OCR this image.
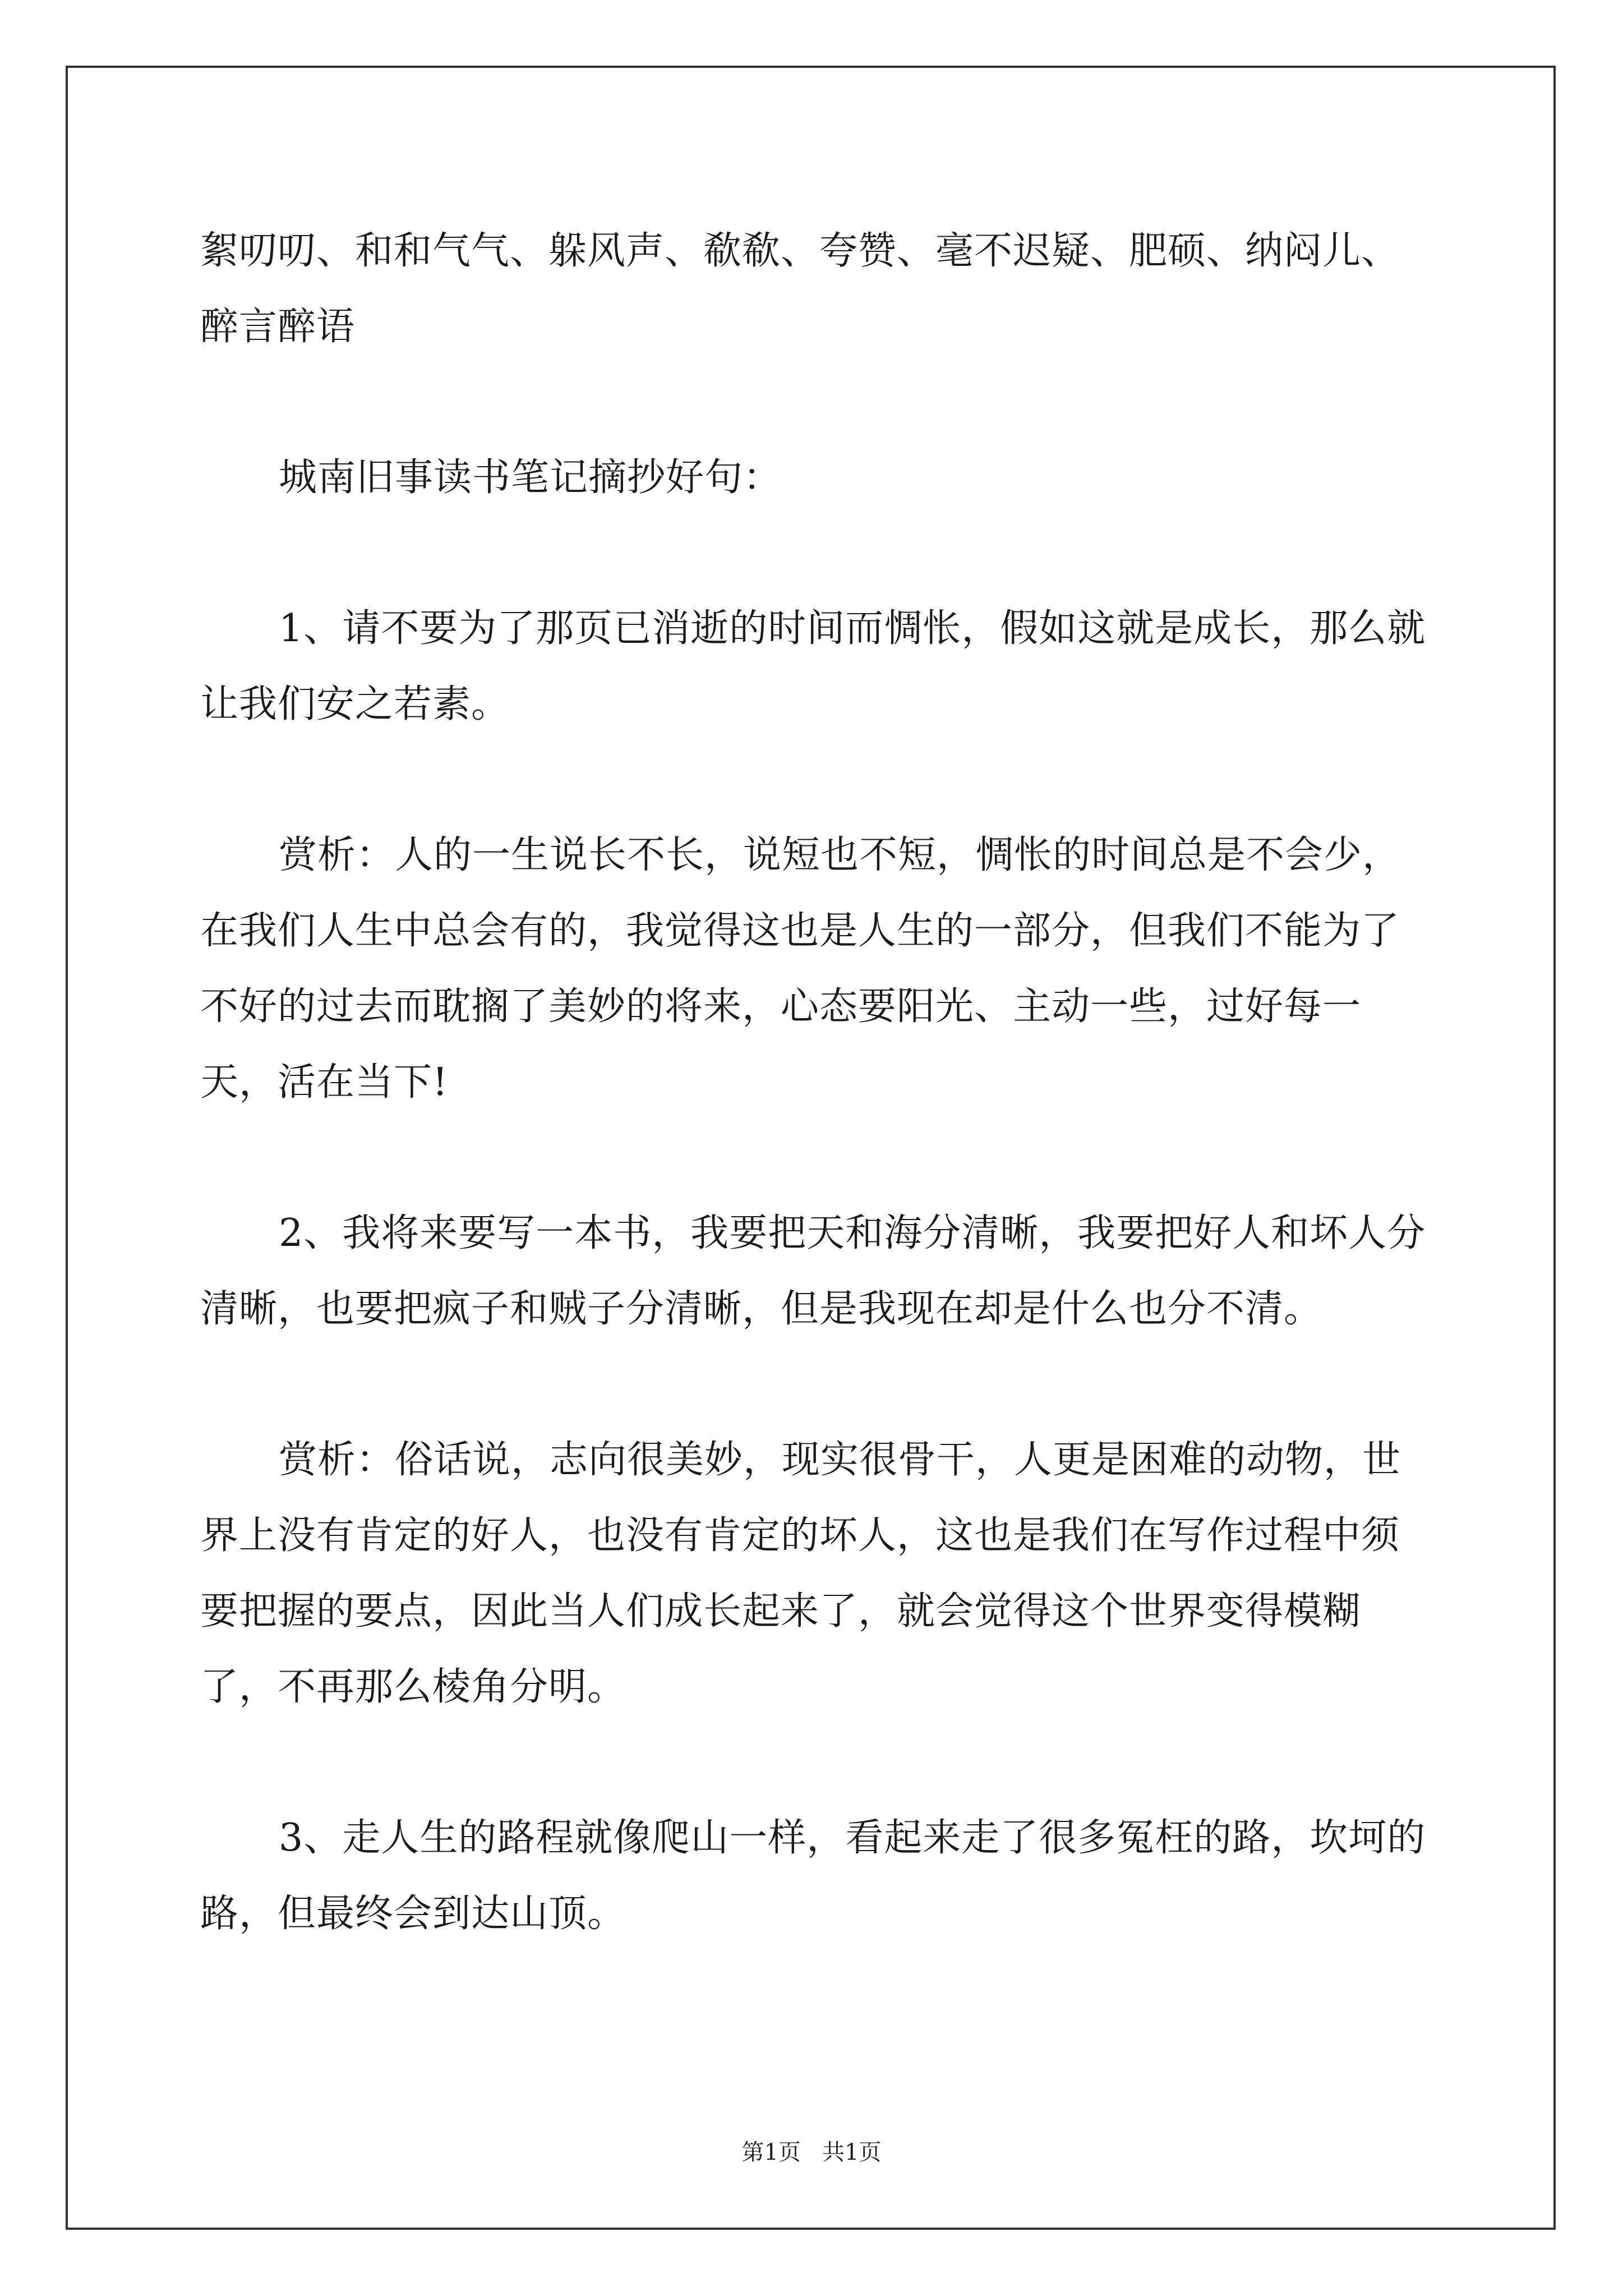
絮叨叨、和和气气、躲风声、欷欷、夸赞、毫不迟疑、肥硕、纳闷儿、醉言醉语

城南旧事读书笔记摘抄好句：

1、请不要为了那页已消逝的时间而惆怅，假如这就是成长，那么就让我们安之若素。

赏析：人的一生说长不长，说短也不短，惆怅的时间总是不会少，在我们人生中总会有的，我觉得这也是人生的一部分，但我们不能为了不好的过去而耽搁了美妙的将来，心态要阳光、主动一些，过好每一天，活在当下!

2、我将来要写一本书，我要把天和海分清晰，我要把好人和坏人分清晰，也要把疯子和贼子分清晰，但是我现在却是什么也分不清。

赏析：俗话说，志向很美妙，现实很骨干，人更是困难的动物，世界上没有肯定的好人，也没有肯定的坏人，这也是我们在写作过程中须要把握的要点，因此当人们成长起来了，就会觉得这个世界变得模糊了，不再那么棱角分明。

3、走人生的路程就像爬山一样，看起来走了很多冤枉的路，坎坷的路，但最终会到达山顶。

第1页   共1页
